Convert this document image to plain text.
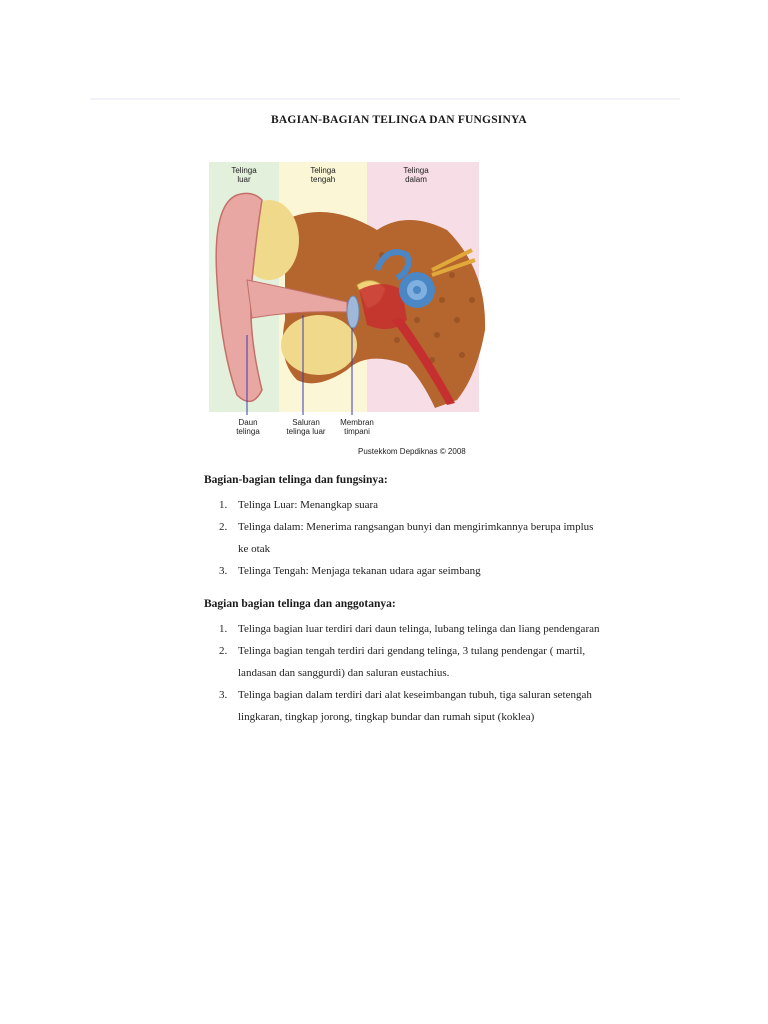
BAGIAN-BAGIAN TELINGA DAN FUNGSINYA
Telinga
luar
Telinga
tengah
Telinga
dalam
Daun
telinga
Saluran
telinga luar
Membran
timpani
Pustekkom Depdiknas © 2008
Bagian-bagian telinga dan fungsinya:
1. Telinga Luar: Menangkap suara
2. Telinga dalam: Menerima rangsangan bunyi dan mengirimkannya berupa implus ke otak
3. Telinga Tengah: Menjaga tekanan udara agar seimbang
Bagian bagian telinga dan anggotanya:
1. Telinga bagian luar terdiri dari daun telinga, lubang telinga dan liang pendengaran
2. Telinga bagian tengah terdiri dari gendang telinga, 3 tulang pendengar ( martil, landasan dan sanggurdi) dan saluran eustachius.
3. Telinga bagian dalam terdiri dari alat keseimbangan tubuh, tiga saluran setengah lingkaran, tingkap jorong, tingkap bundar dan rumah siput (koklea)
